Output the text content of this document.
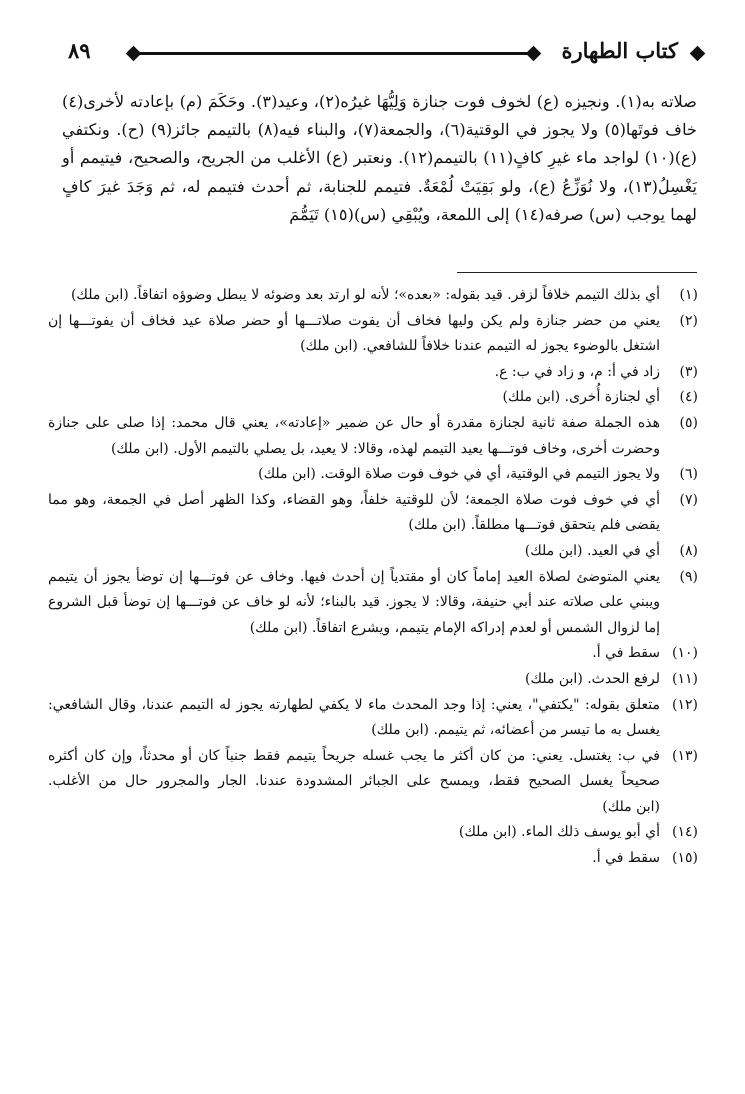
٨٩	كتاب الطهارة

صلاته به(١). ونجيزه (ع) لخوف فوت جنازة وَلِيُّهَا غيرُه(٢)، وعيد(٣). وحَكَمَ (م) بإعادته لأخرى(٤) خاف فوتَها(٥) ولا يجوز في الوقتية(٦)، والجمعة(٧)، والبناء فيه(٨) بالتيمم جائز(٩) (ح). ونكتفي (ع)(١٠) لواجد ماء غيرِ كافٍ(١١) بالتيمم(١٢). ونعتبر (ع) الأغلب من الجريح، والصحيح، فيتيمم أو يَغْسِلُ(١٣)، ولا نُوَزِّعُ (ع)، ولو بَقِيَتْ لُمْعَةٌ. فتيمم للجنابة، ثم أحدث فتيمم له، ثم وَجَدَ غيرَ كافٍ لهما يوجب (س) صرفه(١٤) إلى اللمعة، ويُبْقِي (س)(١٥) تَيَمُّمَ

(١)
أي بذلك التيمم خلافاً لزفر. قيد بقوله: «بعده»؛ لأنه لو ارتد بعد وضوئه لا يبطل وضوؤه اتفاقاً. (ابن ملك)

(٢)
يعني من حضر جنازة ولم يكن وليها فخاف أن يفوت صلاتـــها أو حضر صلاة عيد فخاف أن يفوتـــها إن اشتغل بالوضوء يجوز له التيمم عندنا خلافاً للشافعي. (ابن ملك)

(٣)
زاد في أ: م، و زاد في ب: ع.

(٤)
أي لجنازة أُخرى. (ابن ملك)

(٥)
هذه الجملة صفة ثانية لجنازة مقدرة أو حال عن ضمير «إعادته»، يعني قال محمد: إذا صلى على جنازة وحضرت أخرى، وخاف فوتـــها يعيد التيمم لهذه، وقالا: لا يعيد، بل يصلي بالتيمم الأول. (ابن ملك)

(٦)
ولا يجوز التيمم في الوقتية، أي في خوف فوت صلاة الوقت. (ابن ملك)

(٧)
أي في خوف فوت صلاة الجمعة؛ لأن للوقتية خلفاً، وهو القضاء، وكذا الظهر أصل في الجمعة، وهو مما يقضى فلم يتحقق فوتـــها مطلقاً. (ابن ملك)

(٨)
أي في العيد. (ابن ملك)

(٩)
يعني المتوضئ لصلاة العيد إماماً كان أو مقتدياً إن أحدث فيها. وخاف عن فوتـــها إن توضأ يجوز أن يتيمم ويبني على صلاته عند أبي حنيفة، وقالا: لا يجوز. قيد بالبناء؛ لأنه لو خاف عن فوتـــها إن توضأ قبل الشروع إما لزوال الشمس أو لعدم إدراكه الإمام يتيمم، ويشرع اتفاقاً. (ابن ملك)

(١٠)
سقط في أ.

(١١)
لرفع الحدث. (ابن ملك)

(١٢)
متعلق بقوله: "يكتفي"، يعني: إذا وجد المحدث ماء لا يكفي لطهارته يجوز له التيمم عندنا، وقال الشافعي: يغسل به ما تيسر من أعضائه، ثم يتيمم. (ابن ملك)

(١٣)
في ب: يغتسل. يعني: من كان أكثر ما يجب غسله جريحاً يتيمم فقط جنباً كان أو محدثاً، وإن كان أكثره صحيحاً يغسل الصحيح فقط، ويمسح على الجبائر المشدودة عندنا. الجار والمجرور حال من الأغلب. (ابن ملك)

(١٤)
أي أبو يوسف ذلك الماء. (ابن ملك)

(١٥)
سقط في أ.
